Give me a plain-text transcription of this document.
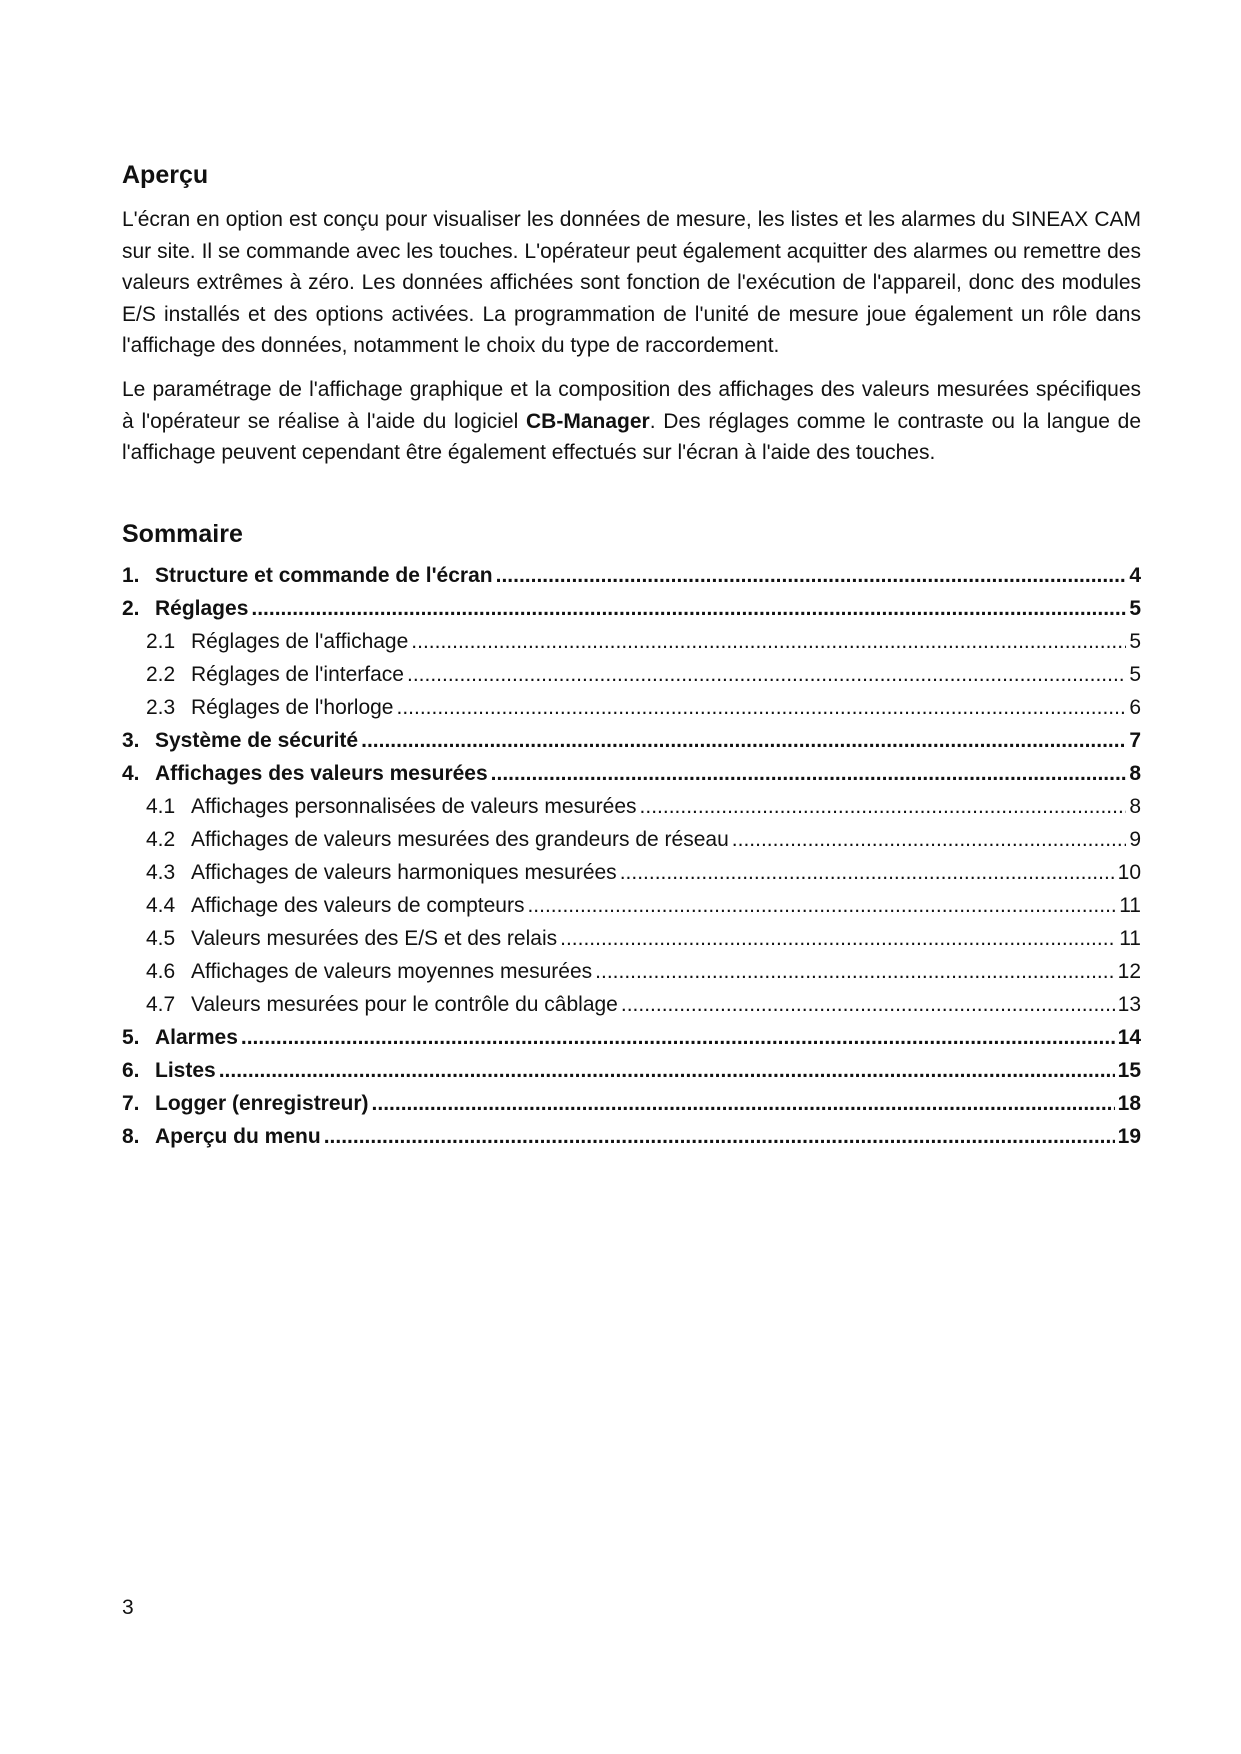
Aperçu

L'écran en option est conçu pour visualiser les données de mesure, les listes et les alarmes du SINEAX CAM sur site. Il se commande avec les touches. L'opérateur peut également acquitter des alarmes ou remettre des valeurs extrêmes à zéro. Les données affichées sont fonction de l'exécution de l'appareil, donc des modules E/S installés et des options activées. La programmation de l'unité de mesure joue également un rôle dans l'affichage des données, notamment le choix du type de raccordement.

Le paramétrage de l'affichage graphique et la composition des affichages des valeurs mesurées spécifiques à l'opérateur se réalise à l'aide du logiciel CB-Manager. Des réglages comme le contraste ou la langue de l'affichage peuvent cependant être également effectués sur l'écran à l'aide des touches.

Sommaire
1. Structure et commande de l'écran .....	4
2. Réglages .....	5
2.1 Réglages de l'affichage .....	5
2.2 Réglages de l'interface .....	5
2.3 Réglages de l'horloge .....	6
3. Système de sécurité .....	7
4. Affichages des valeurs mesurées .....	8
4.1 Affichages personnalisées de valeurs mesurées .....	8
4.2 Affichages de valeurs mesurées des grandeurs de réseau .....	9
4.3 Affichages de valeurs harmoniques mesurées .....	10
4.4 Affichage des valeurs de compteurs .....	11
4.5 Valeurs mesurées des E/S et des relais .....	11
4.6 Affichages de valeurs moyennes mesurées .....	12
4.7 Valeurs mesurées pour le contrôle du câblage .....	13
5. Alarmes .....	14
6. Listes .....	15
7. Logger (enregistreur) .....	18
8. Aperçu du menu .....	19
3
